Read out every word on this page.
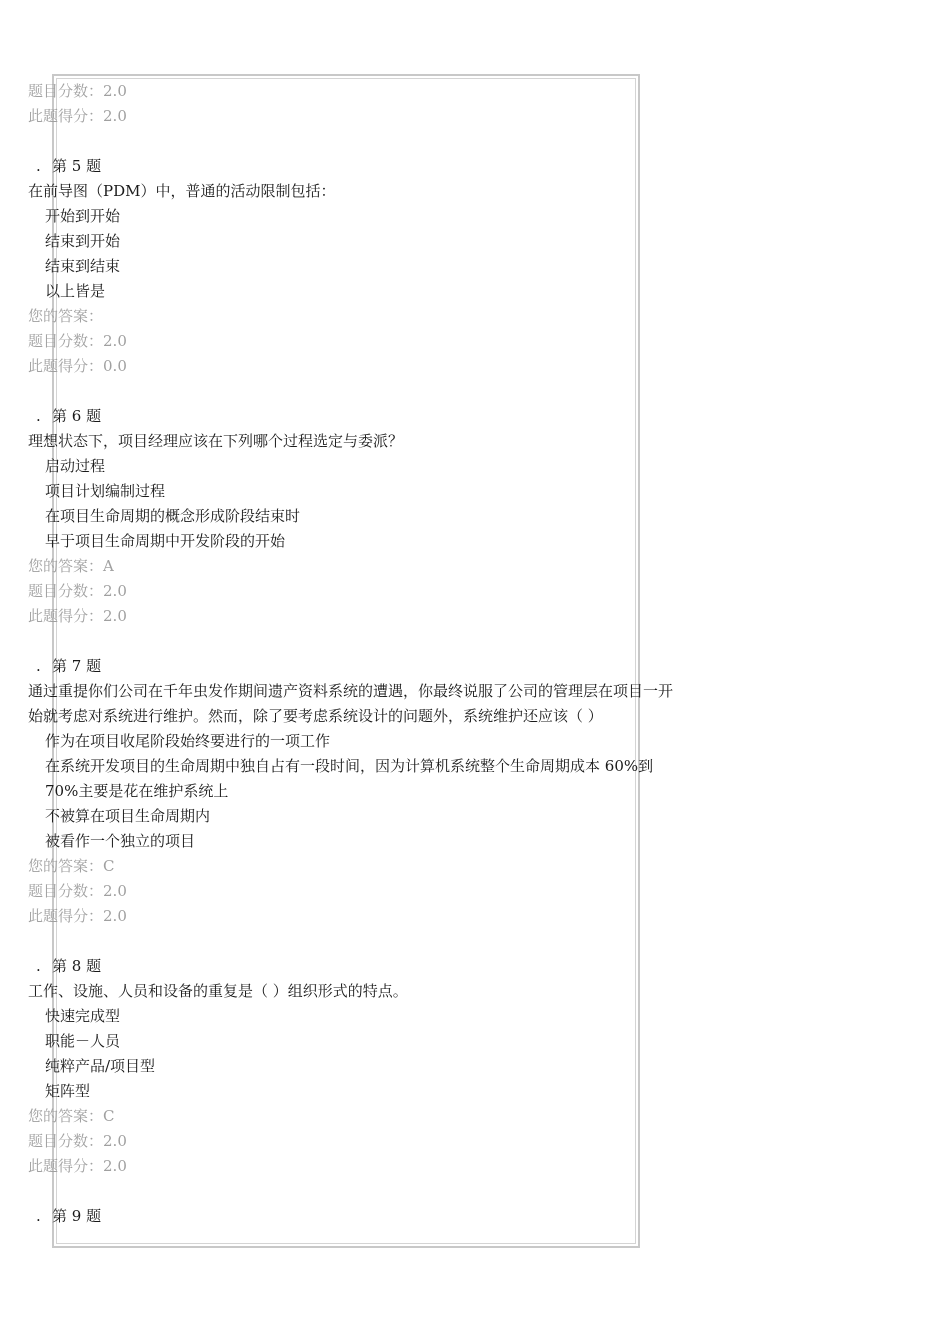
题目分数：2.0
此题得分：2.0
. 第 5 题
在前导图（PDM）中，普通的活动限制包括：
开始到开始
结束到开始
结束到结束
以上皆是
您的答案：
题目分数：2.0
此题得分：0.0
. 第 6 题
理想状态下，项目经理应该在下列哪个过程选定与委派？
启动过程
项目计划编制过程
在项目生命周期的概念形成阶段结束时
早于项目生命周期中开发阶段的开始
您的答案：A
题目分数：2.0
此题得分：2.0
. 第 7 题
通过重提你们公司在千年虫发作期间遗产资料系统的遭遇，你最终说服了公司的管理层在项目一开始就考虑对系统进行维护。然而，除了要考虑系统设计的问题外，系统维护还应该（ ）
作为在项目收尾阶段始终要进行的一项工作
在系统开发项目的生命周期中独自占有一段时间，因为计算机系统整个生命周期成本 60%到 70%主要是花在维护系统上
不被算在项目生命周期内
被看作一个独立的项目
您的答案：C
题目分数：2.0
此题得分：2.0
. 第 8 题
工作、设施、人员和设备的重复是（ ）组织形式的特点。
快速完成型
职能－人员
纯粹产品/项目型
矩阵型
您的答案：C
题目分数：2.0
此题得分：2.0
. 第 9 题
